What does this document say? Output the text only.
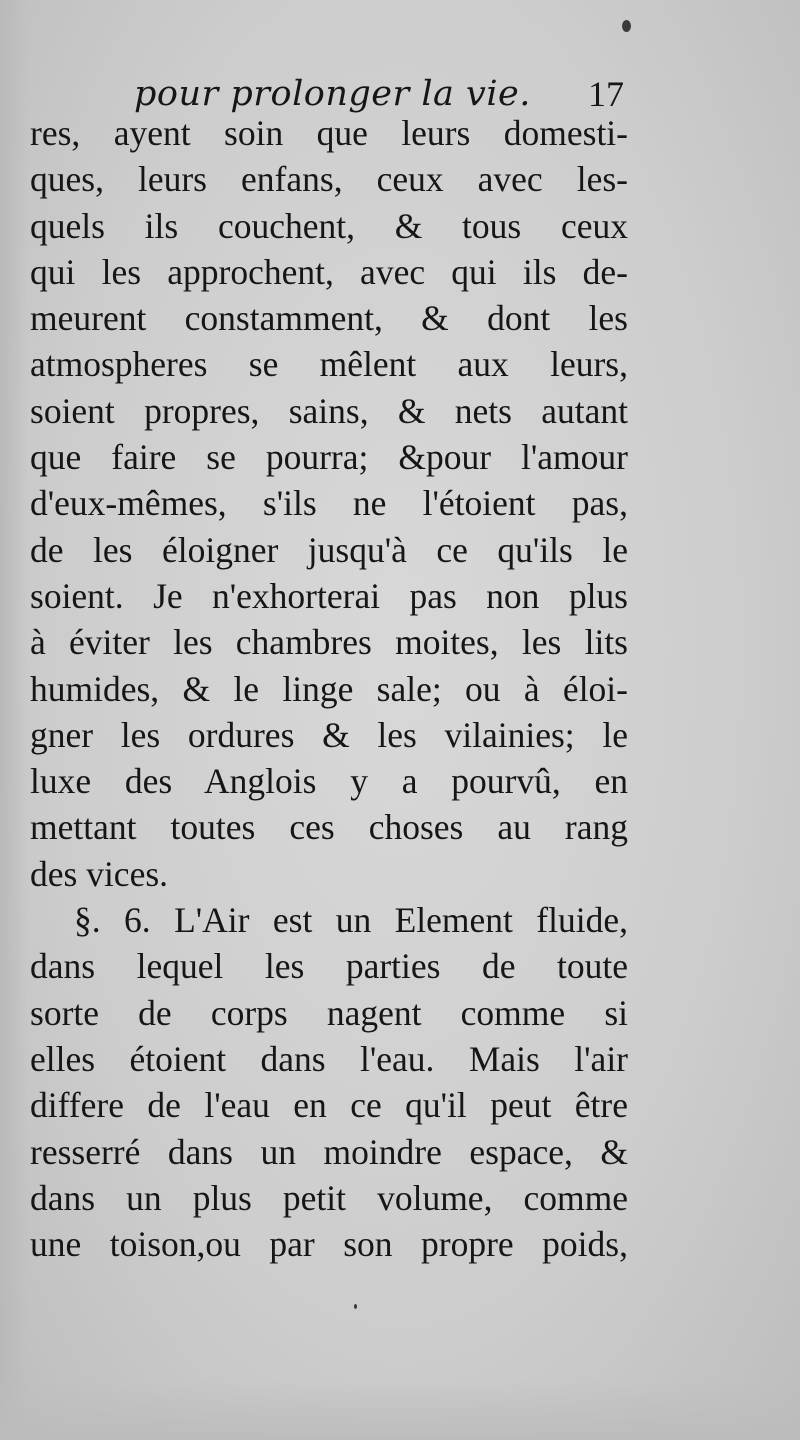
pour prolonger la vie. 17
res, ayent soin que leurs domesti-
ques, leurs enfans, ceux avec les-
quels ils couchent, & tous ceux
qui les approchent, avec qui ils de-
meurent constamment, & dont les
atmospheres se mêlent aux leurs,
soient propres, sains, & nets autant
que faire se pourra; &pour l'amour
d'eux-mêmes, s'ils ne l'étoient pas,
de les éloigner jusqu'à ce qu'ils le
soient. Je n'exhorterai pas non plus
à éviter les chambres moites, les lits
humides, & le linge sale; ou à éloi-
gner les ordures & les vilainies; le
luxe des Anglois y a pourvû, en
mettant toutes ces choses au rang
des vices.
§. 6. L'Air est un Element fluide,
dans lequel les parties de toute
sorte de corps nagent comme si
elles étoient dans l'eau. Mais l'air
differe de l'eau en ce qu'il peut être
resserré dans un moindre espace, &
dans un plus petit volume, comme
une toison,ou par son propre poids,
